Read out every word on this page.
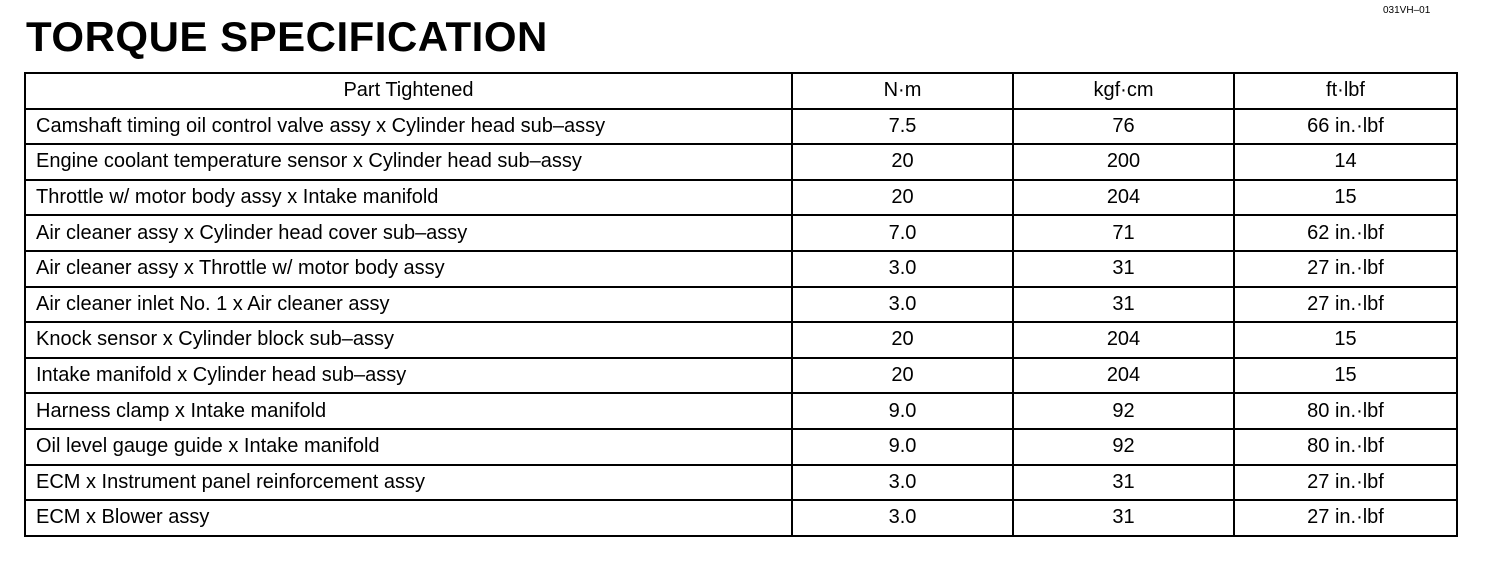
TORQUE SPECIFICATION
031VH–01
Part Tightened	N·m	kgf·cm	ft·lbf
Camshaft timing oil control valve assy x Cylinder head sub–assy	7.5	76	66 in.·lbf
Engine coolant temperature sensor x Cylinder head sub–assy	20	200	14
Throttle w/ motor body assy x Intake manifold	20	204	15
Air cleaner assy x Cylinder head cover sub–assy	7.0	71	62 in.·lbf
Air cleaner assy x Throttle w/ motor body assy	3.0	31	27 in.·lbf
Air cleaner inlet No. 1 x Air cleaner assy	3.0	31	27 in.·lbf
Knock sensor x Cylinder block sub–assy	20	204	15
Intake manifold x Cylinder head sub–assy	20	204	15
Harness clamp x Intake manifold	9.0	92	80 in.·lbf
Oil level gauge guide x Intake manifold	9.0	92	80 in.·lbf
ECM x Instrument panel reinforcement assy	3.0	31	27 in.·lbf
ECM x Blower assy	3.0	31	27 in.·lbf
